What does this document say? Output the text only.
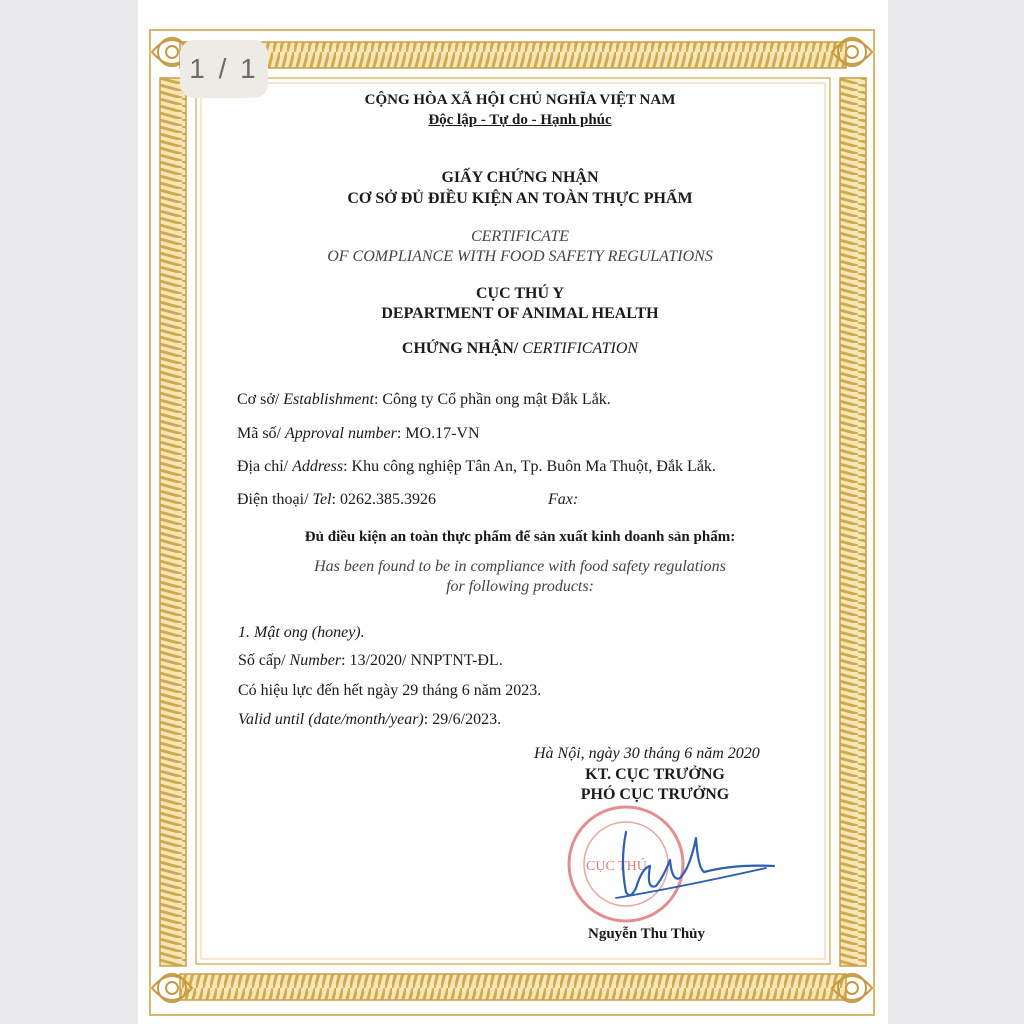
1 / 1
CỘNG HÒA XÃ HỘI CHỦ NGHĨA VIỆT NAM
Độc lập - Tự do - Hạnh phúc
GIẤY CHỨNG NHẬN
CƠ SỞ ĐỦ ĐIỀU KIỆN AN TOÀN THỰC PHẨM
CERTIFICATE
OF COMPLIANCE WITH FOOD SAFETY REGULATIONS
CỤC THÚ Y
DEPARTMENT OF ANIMAL HEALTH
CHỨNG NHẬN/ CERTIFICATION
Cơ sở/ Establishment: Công ty Cổ phần ong mật Đắk Lắk.
Mã số/ Approval number: MO.17-VN
Địa chỉ/ Address: Khu công nghiệp Tân An, Tp. Buôn Ma Thuột, Đắk Lắk.
Điện thoại/ Tel: 0262.385.3926	Fax:
Đủ điều kiện an toàn thực phẩm để sản xuất kinh doanh sản phẩm:
Has been found to be in compliance with food safety regulations
for following products:
1. Mật ong (honey).
Số cấp/ Number: 13/2020/ NNPTNT-ĐL.
Có hiệu lực đến hết ngày 29 tháng 6 năm 2023.
Valid until (date/month/year): 29/6/2023.
Hà Nội, ngày 30 tháng 6 năm 2020
KT. CỤC TRƯỞNG
PHÓ CỤC TRƯỞNG
CỤC THÚ
Nguyễn Thu Thủy
